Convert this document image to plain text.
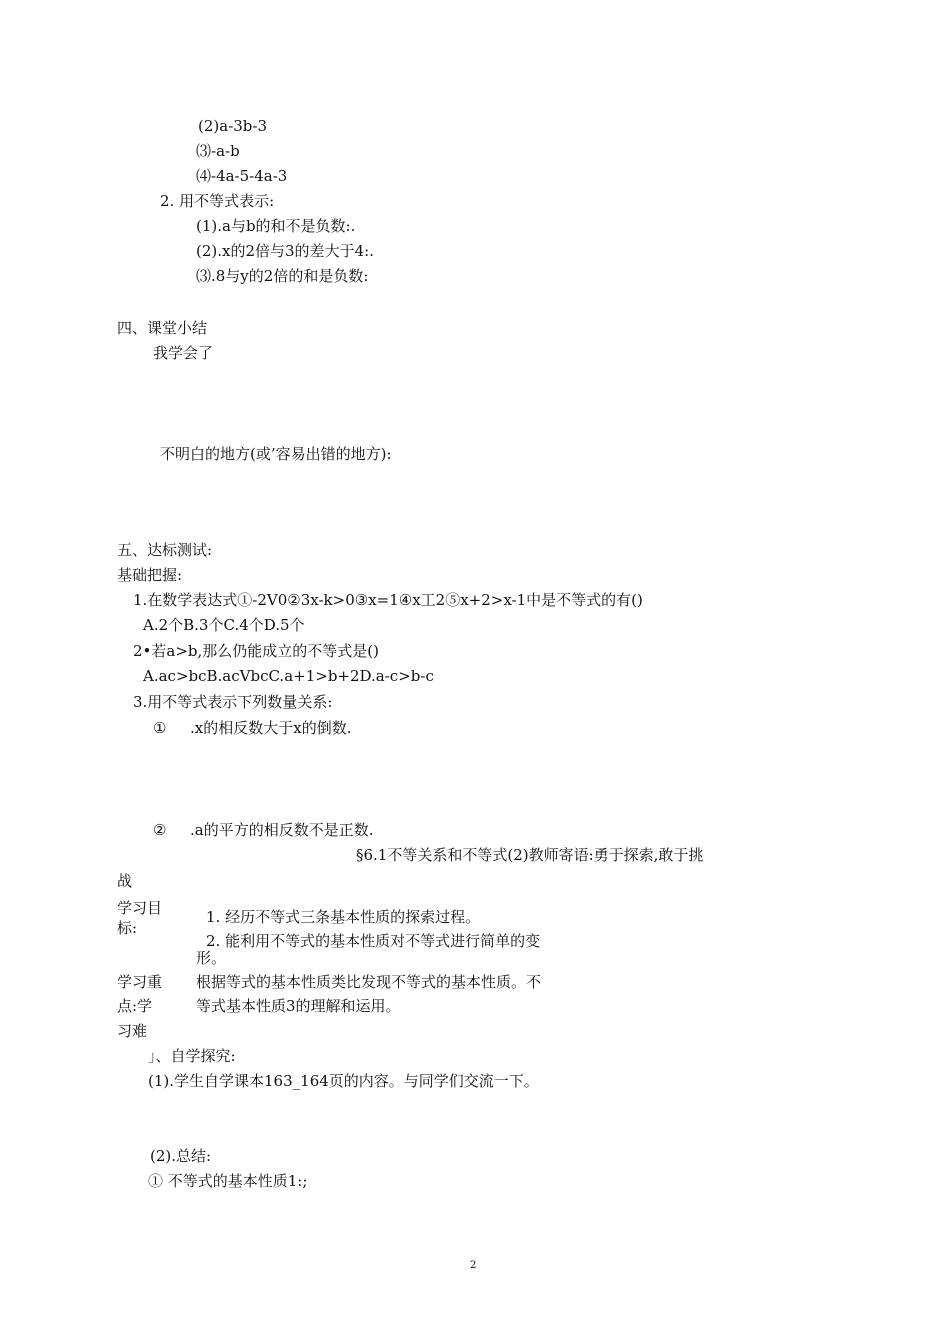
(2)a-3b-3
⑶-a-b
⑷-4a-5-4a-3
2. 用不等式表示:
(1).a与b的和不是负数:.
(2).x的2倍与3的差大于4:.
⑶.8与y的2倍的和是负数:
四、课堂小结
我学会了
不明白的地方(或’容易出错的地方):
五、达标测试:
基础把握:
1.在数学表达式①-2V0②3x-k>0③x=1④x工2⑤x+2>x-1中是不等式的有()
A.2个B.3个C.4个D.5个
2•若a>b,那么仍能成立的不等式是()
A.ac>bcB.acVbcC.a+1>b+2D.a-c>b-c
3.用不等式表示下列数量关系:
① .x的相反数大于x的倒数.
② .a的平方的相反数不是正数.
§6.1不等关系和不等式(2)教师寄语:勇于探索,敢于挑
战
学习目
标:
1. 经历不等式三条基本性质的探索过程。
2. 能利用不等式的基本性质对不等式进行简单的变
形。
学习重
点:学
习难
根据等式的基本性质类比发现不等式的基本性质。不
等式基本性质3的理解和运用。
」、自学探究:
(1).学生自学课本163_164页的内容。与同学们交流一下。
(2).总结:
① 不等式的基本性质1:;
2
